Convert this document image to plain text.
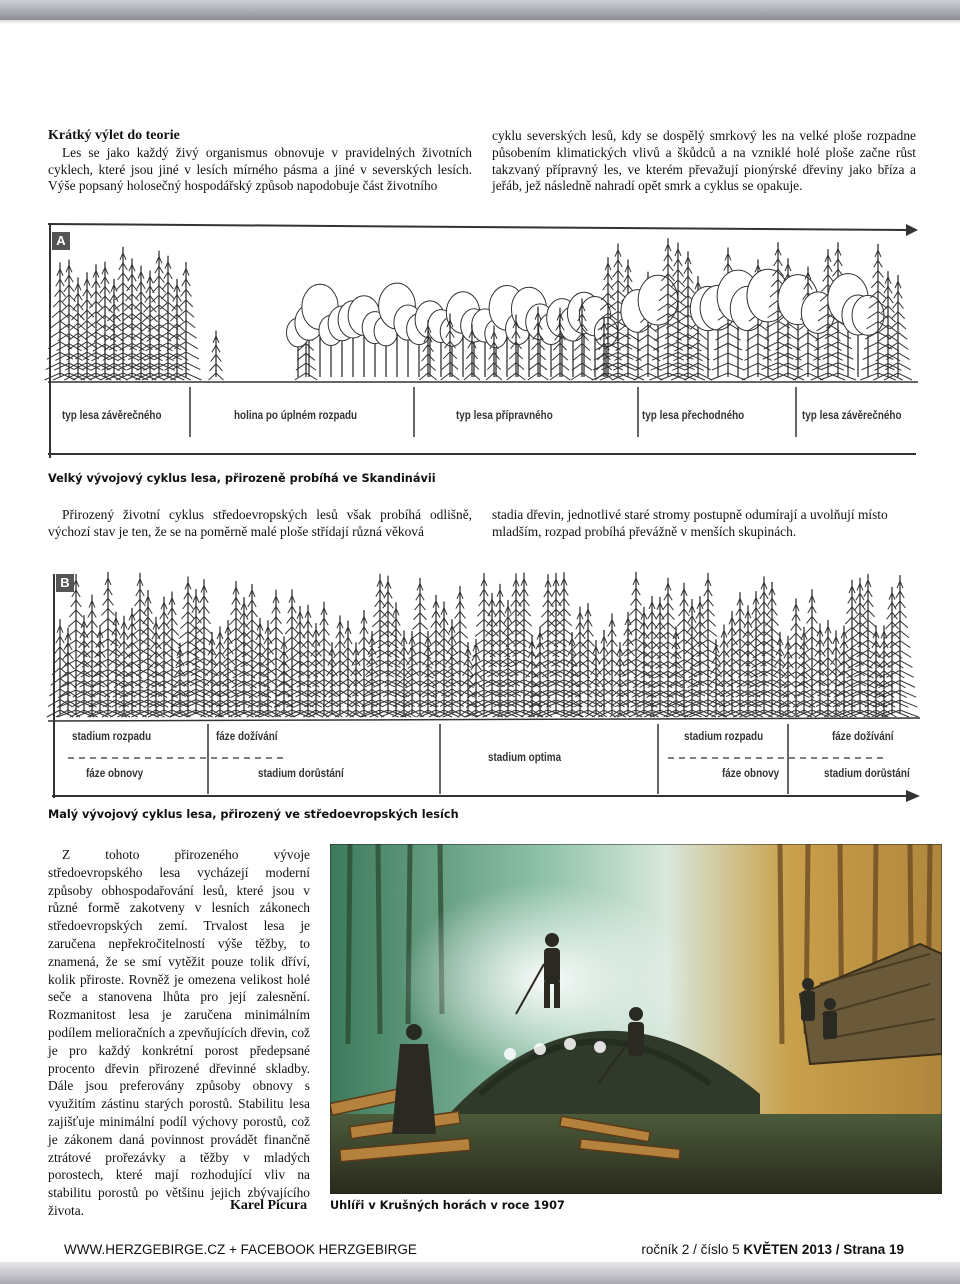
Krátký výlet do teorie

Les se jako každý živý organismus obnovuje v pravidelných životních cyklech, které jsou jiné v lesích mírného pásma a jiné v severských lesích. Výše popsaný holosečný hospodářský způsob napodobuje část životního

cyklu severských lesů, kdy se dospělý smrkový les na velké ploše rozpadne působením klimatických vlivů a škůdců a na vzniklé holé ploše začne růst takzvaný přípravný les, ve kterém převažují pionýrské dřeviny jako bříza a jeřáb, jež následně nahradí opět smrk a cyklus se opakuje.

A
typ lesa závěrečného	holina po úplném rozpadu	typ lesa přípravného	typ lesa přechodného	typ lesa závěrečného
Velký vývojový cyklus lesa, přirozeně probíhá ve Skandinávii

Přirozený životní cyklus středoevropských lesů však probíhá odlišně, výchozí stav je ten, že se na poměrně malé ploše střídají různá věková

stadia dřevin, jednotlivé staré stromy postupně odumírají a uvolňují místo mladším, rozpad probíhá převážně v menších skupinách.

B
stadium rozpadu	fáze dožívání
fáze obnovy	stadium dorůstání
stadium optima
stadium rozpadu	fáze dožívání
fáze obnovy	stadium dorůstání
Malý vývojový cyklus lesa, přirozený ve středoevropských lesích

Z tohoto přirozeného vývoje středoevropského lesa vycházejí moderní způsoby obhospodařování lesů, které jsou v různé formě zakotveny v lesních zákonech středoevropských zemí. Trvalost lesa je zaručena nepřekročitelností výše těžby, to znamená, že se smí vytěžit pouze tolik dříví, kolik přiroste. Rovněž je omezena velikost holé seče a stanovena lhůta pro její zalesnění. Rozmanitost lesa je zaručena minimálním podílem melioračních a zpevňujících dřevin, což je pro každý konkrétní porost předepsané procento dřevin přirozené dřevinné skladby. Dále jsou preferovány způsoby obnovy s využitím zástinu starých porostů. Stabilitu lesa zajišťuje minimální podíl výchovy porostů, což je zákonem daná povinnost provádět finančně ztrátové prořezávky a těžby v mladých porostech, které mají rozhodující vliv na stabilitu porostů po většinu jejich zbývajícího života.	Karel Picura Uhlíři v Krušných horách v roce 1907
WWW.HERZGEBIRGE.CZ + FACEBOOK HERZGEBIRGE	ročník 2 / číslo 5 KVĚTEN 2013 / Strana 19
